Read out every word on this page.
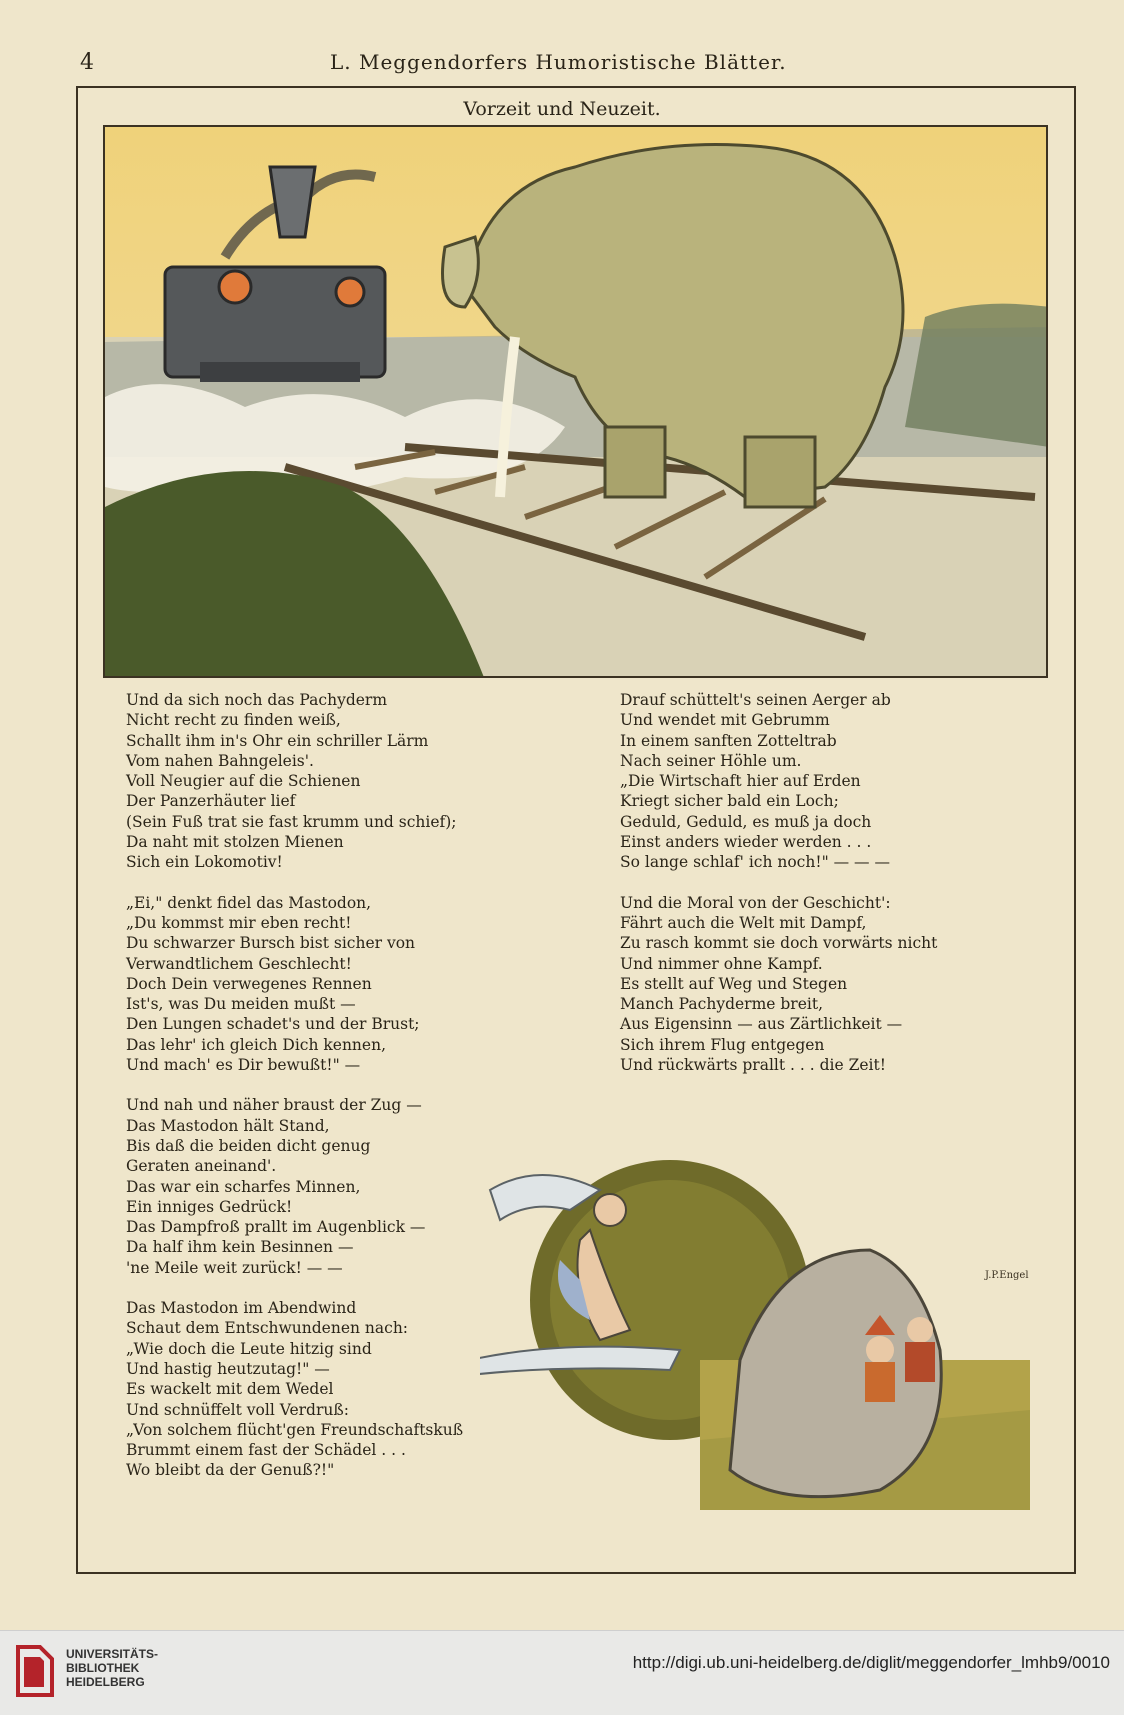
4	L. Meggendorfers Humoristische Blätter.
Vorzeit und Neuzeit.
Und da sich noch das Pachyderm
Nicht recht zu finden weiß,
Schallt ihm in's Ohr ein schriller Lärm
Vom nahen Bahngeleis'.
Voll Neugier auf die Schienen
Der Panzerhäuter lief
(Sein Fuß trat sie fast krumm und schief);
Da naht mit stolzen Mienen
Sich ein Lokomotiv!
„Ei," denkt fidel das Mastodon,
„Du kommst mir eben recht!
Du schwarzer Bursch bist sicher von
Verwandtlichem Geschlecht!
Doch Dein verwegenes Rennen
Ist's, was Du meiden mußt —
Den Lungen schadet's und der Brust;
Das lehr' ich gleich Dich kennen,
Und mach' es Dir bewußt!" —
Und nah und näher braust der Zug —
Das Mastodon hält Stand,
Bis daß die beiden dicht genug
Geraten aneinand'.
Das war ein scharfes Minnen,
Ein inniges Gedrück!
Das Dampfroß prallt im Augenblick —
Da half ihm kein Besinnen —
'ne Meile weit zurück! — —
Das Mastodon im Abendwind
Schaut dem Entschwundenen nach:
„Wie doch die Leute hitzig sind
Und hastig heutzutag!" —
Es wackelt mit dem Wedel
Und schnüffelt voll Verdruß:
„Von solchem flücht'gen Freundschaftskuß
Brummt einem fast der Schädel . . .
Wo bleibt da der Genuß?!"
Drauf schüttelt's seinen Aerger ab
Und wendet mit Gebrumm
In einem sanften Zotteltrab
Nach seiner Höhle um.
„Die Wirtschaft hier auf Erden
Kriegt sicher bald ein Loch;
Geduld, Geduld, es muß ja doch
Einst anders wieder werden . . .
So lange schlaf' ich noch!" — — —
Und die Moral von der Geschicht':
Fährt auch die Welt mit Dampf,
Zu rasch kommt sie doch vorwärts nicht
Und nimmer ohne Kampf.
Es stellt auf Weg und Stegen
Manch Pachyderme breit,
Aus Eigensinn — aus Zärtlichkeit —
Sich ihrem Flug entgegen
Und rückwärts prallt . . . die Zeit!
J.P.Engel
UNIVERSITÄTS-
BIBLIOTHEK
HEIDELBERG
http://digi.ub.uni-heidelberg.de/diglit/meggendorfer_lmhb9/0010
